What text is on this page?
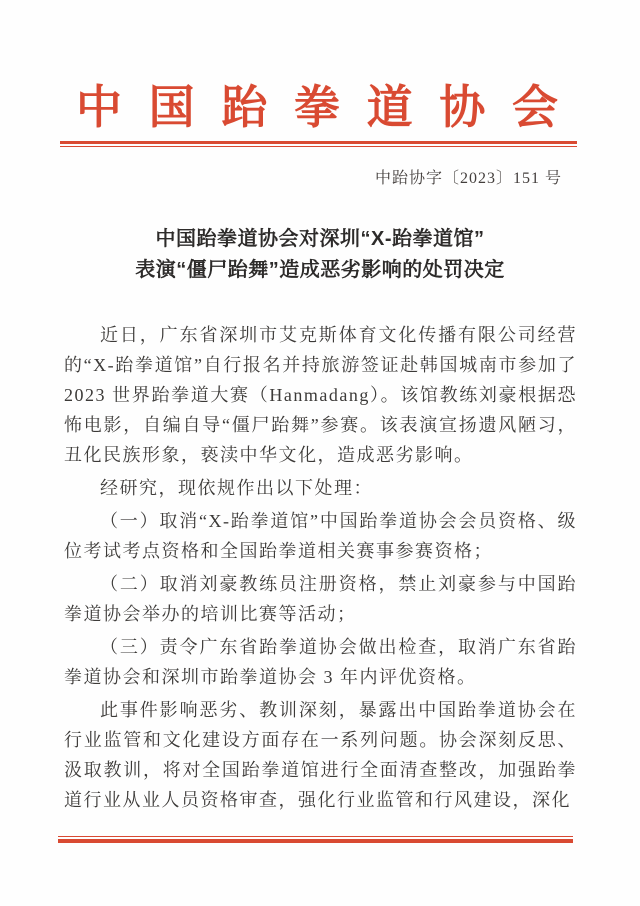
中国跆拳道协会
中跆协字〔2023〕151 号
中国跆拳道协会对深圳“X-跆拳道馆”
表演“僵尸跆舞”造成恶劣影响的处罚决定

近日，广东省深圳市艾克斯体育文化传播有限公司经营的“X-跆拳道馆”自行报名并持旅游签证赴韩国城南市参加了 2023 世界跆拳道大赛（Hanmadang）。该馆教练刘豪根据恐怖电影，自编自导“僵尸跆舞”参赛。该表演宣扬遗风陋习，丑化民族形象，亵渎中华文化，造成恶劣影响。

经研究，现依规作出以下处理：

（一）取消“X-跆拳道馆”中国跆拳道协会会员资格、级位考试考点资格和全国跆拳道相关赛事参赛资格；

（二）取消刘豪教练员注册资格，禁止刘豪参与中国跆拳道协会举办的培训比赛等活动；

（三）责令广东省跆拳道协会做出检查，取消广东省跆拳道协会和深圳市跆拳道协会 3 年内评优资格。

此事件影响恶劣、教训深刻，暴露出中国跆拳道协会在行业监管和文化建设方面存在一系列问题。协会深刻反思、汲取教训，将对全国跆拳道馆进行全面清查整改，加强跆拳道行业从业人员资格审查，强化行业监管和行风建设，深化
